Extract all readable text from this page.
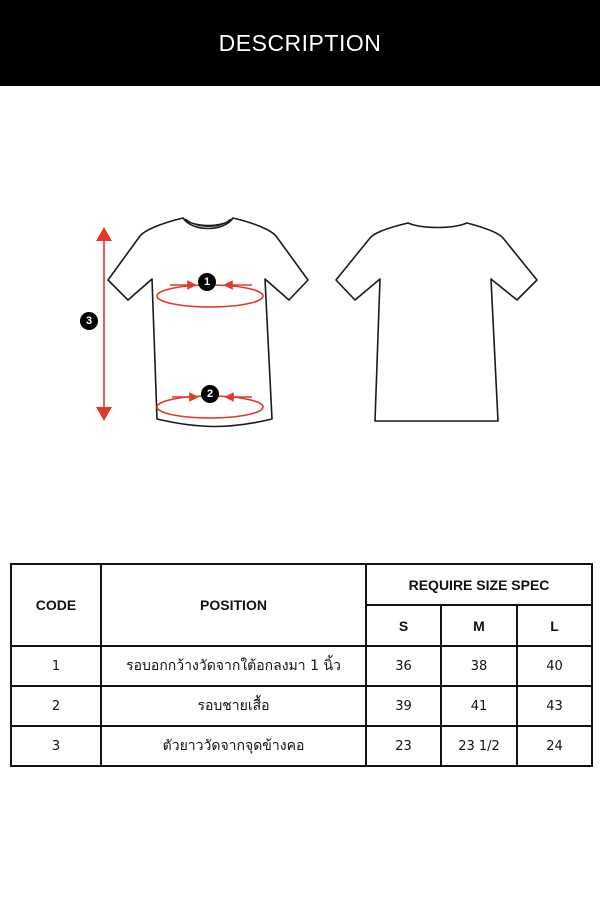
DESCRIPTION
1
2
3
CODE	POSITION	REQUIRE SIZE SPEC		
		S	M	L
1	รอบอกกว้างวัดจากใต้อกลงมา 1 นิ้ว	36	38	40
2	รอบชายเสื้อ	39	41	43
3	ตัวยาววัดจากจุดข้างคอ	23	23 1/2	24
